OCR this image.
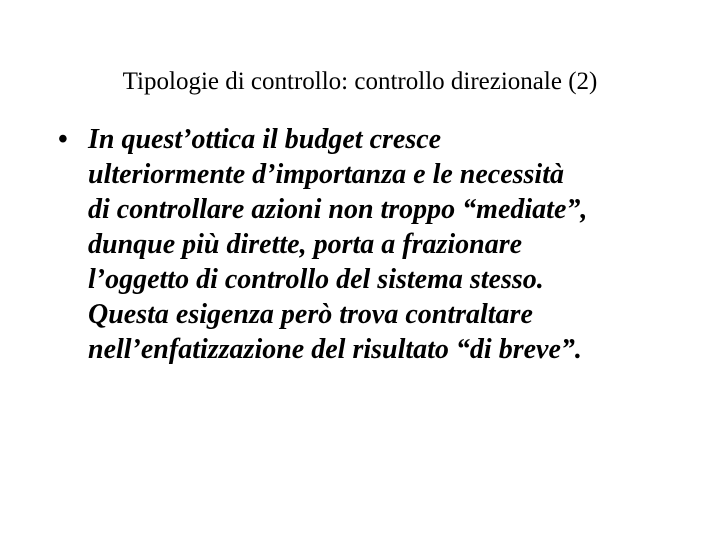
Tipologie di controllo: controllo direzionale (2)
• In quest’ottica il budget cresce
ulteriormente d’importanza e le necessità
di controllare azioni non troppo “mediate”,
dunque più dirette, porta a frazionare
l’oggetto di controllo del sistema stesso.
Questa esigenza però trova contraltare
nell’enfatizzazione del risultato “di breve”.
